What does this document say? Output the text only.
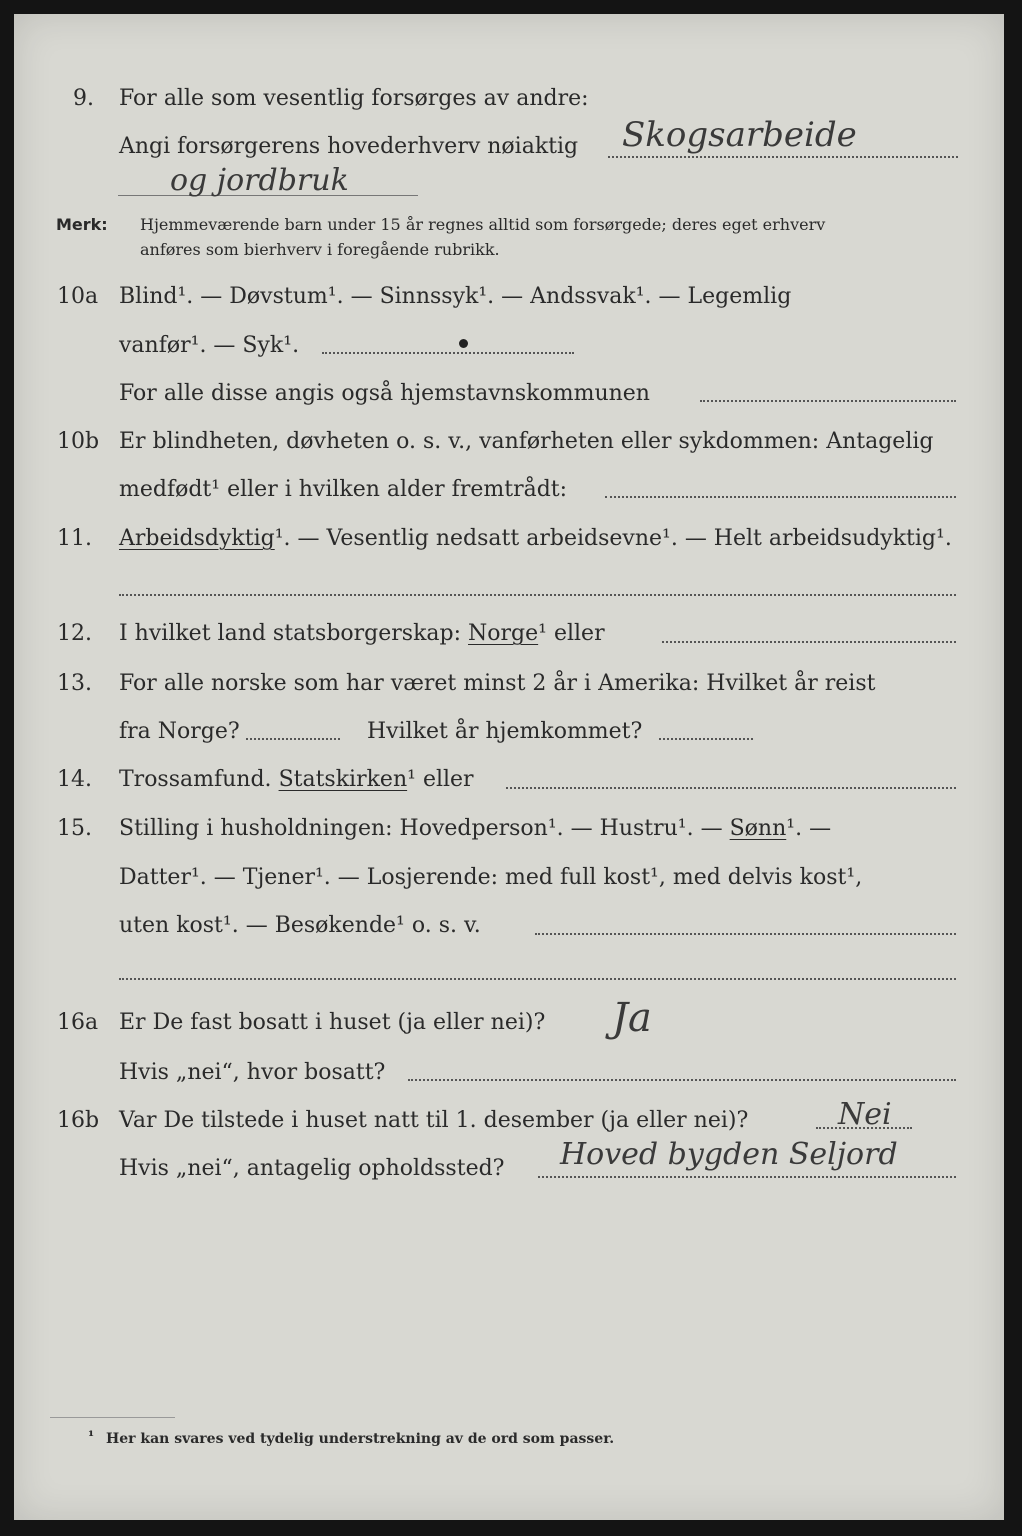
9. For alle som vesentlig forsørges av andre:
Angi forsørgerens hovederhverv nøiaktig Skogsarbeide
og jordbruk
Merk: Hjemmeværende barn under 15 år regnes alltid som forsørgede; deres eget erhverv
anføres som bierhverv i foregående rubrikk.
10a Blind¹. — Døvstum¹. — Sinnssyk¹. — Andssvak¹. — Legemlig
vanfør¹. — Syk¹.
For alle disse angis også hjemstavnskommunen
10b Er blindheten, døvheten o. s. v., vanførheten eller sykdommen: Antagelig
medfødt¹ eller i hvilken alder fremtrådt:
11. Arbeidsdyktig¹. — Vesentlig nedsatt arbeidsevne¹. — Helt arbeidsudyktig¹.
12. I hvilket land statsborgerskap: Norge¹ eller
13. For alle norske som har været minst 2 år i Amerika: Hvilket år reist
fra Norge?	Hvilket år hjemkommet?
14. Trossamfund. Statskirken¹ eller
15. Stilling i husholdningen: Hovedperson¹. — Hustru¹. — Sønn¹. —
Datter¹. — Tjener¹. — Losjerende: med full kost¹, med delvis kost¹,
uten kost¹. — Besøkende¹ o. s. v.
16a Er De fast bosatt i huset (ja eller nei)? Ja
Hvis „nei“, hvor bosatt?
16b Var De tilstede i huset natt til 1. desember (ja eller nei)?	Nei
Hvis „nei“, antagelig opholdssted? Hoved bygden Seljord
¹ Her kan svares ved tydelig understrekning av de ord som passer.
